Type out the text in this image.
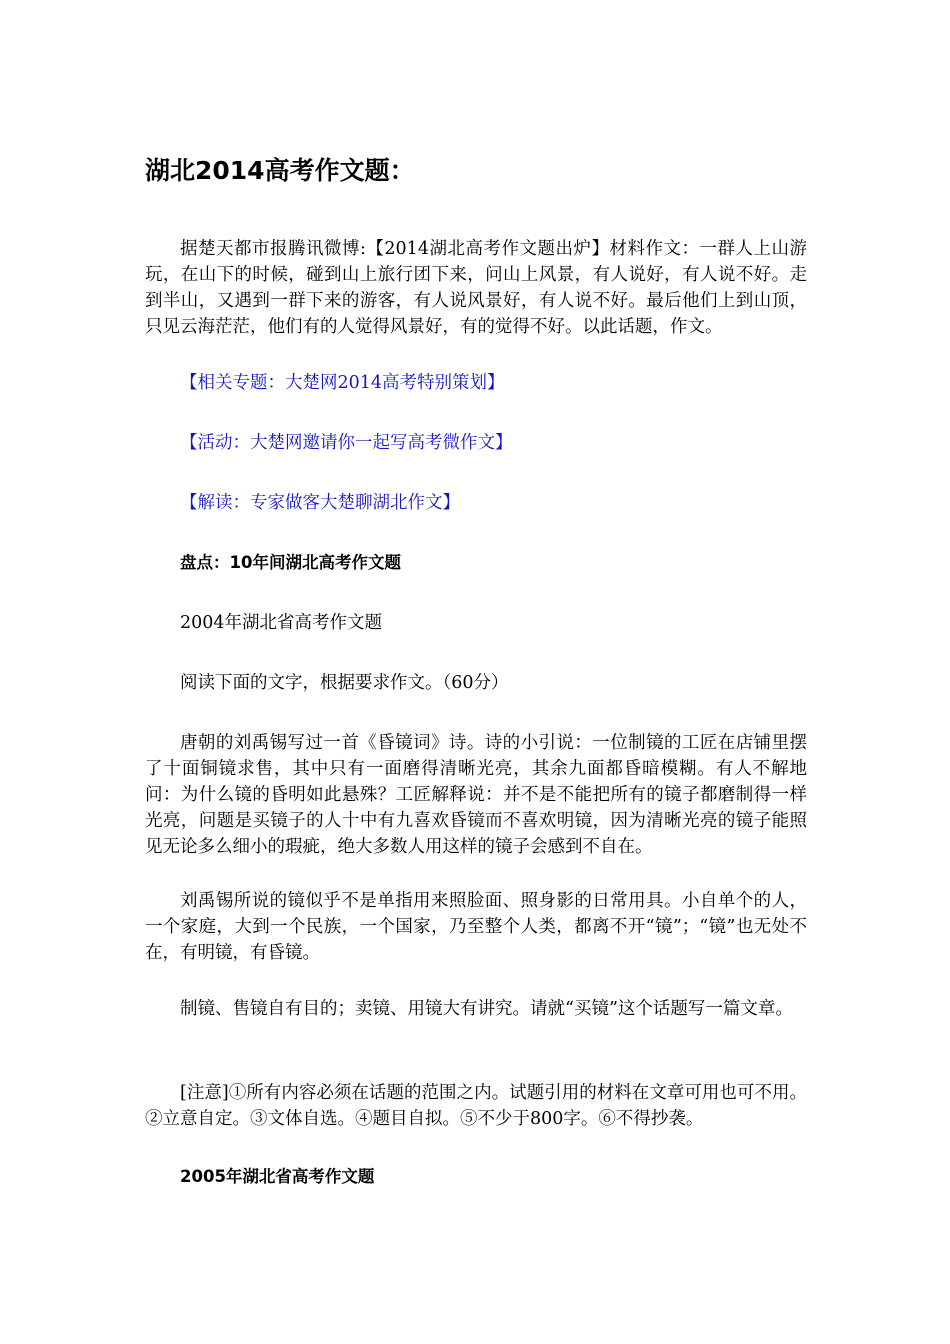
湖北2014高考作文题：

据楚天都市报腾讯微博:【2014湖北高考作文题出炉】材料作文：一群人上山游玩，在山下的时候，碰到山上旅行团下来，问山上风景，有人说好，有人说不好。走到半山，又遇到一群下来的游客，有人说风景好，有人说不好。最后他们上到山顶，只见云海茫茫，他们有的人觉得风景好，有的觉得不好。以此话题，作文。

【相关专题：大楚网2014高考特别策划】

【活动：大楚网邀请你一起写高考微作文】

【解读：专家做客大楚聊湖北作文】

盘点：10年间湖北高考作文题

2004年湖北省高考作文题

阅读下面的文字，根据要求作文。（60分）

唐朝的刘禹锡写过一首《昏镜词》诗。诗的小引说：一位制镜的工匠在店铺里摆了十面铜镜求售，其中只有一面磨得清晰光亮，其余九面都昏暗模糊。有人不解地问：为什么镜的昏明如此悬殊？工匠解释说：并不是不能把所有的镜子都磨制得一样光亮，问题是买镜子的人十中有九喜欢昏镜而不喜欢明镜，因为清晰光亮的镜子能照见无论多么细小的瑕疵，绝大多数人用这样的镜子会感到不自在。

刘禹锡所说的镜似乎不是单指用来照脸面、照身影的日常用具。小自单个的人，一个家庭，大到一个民族，一个国家，乃至整个人类，都离不开“镜”；“镜”也无处不在，有明镜，有昏镜。

制镜、售镜自有目的；卖镜、用镜大有讲究。请就“买镜”这个话题写一篇文章。

[注意]①所有内容必须在话题的范围之内。试题引用的材料在文章可用也可不用。②立意自定。③文体自选。④题目自拟。⑤不少于800字。⑥不得抄袭。

2005年湖北省高考作文题
